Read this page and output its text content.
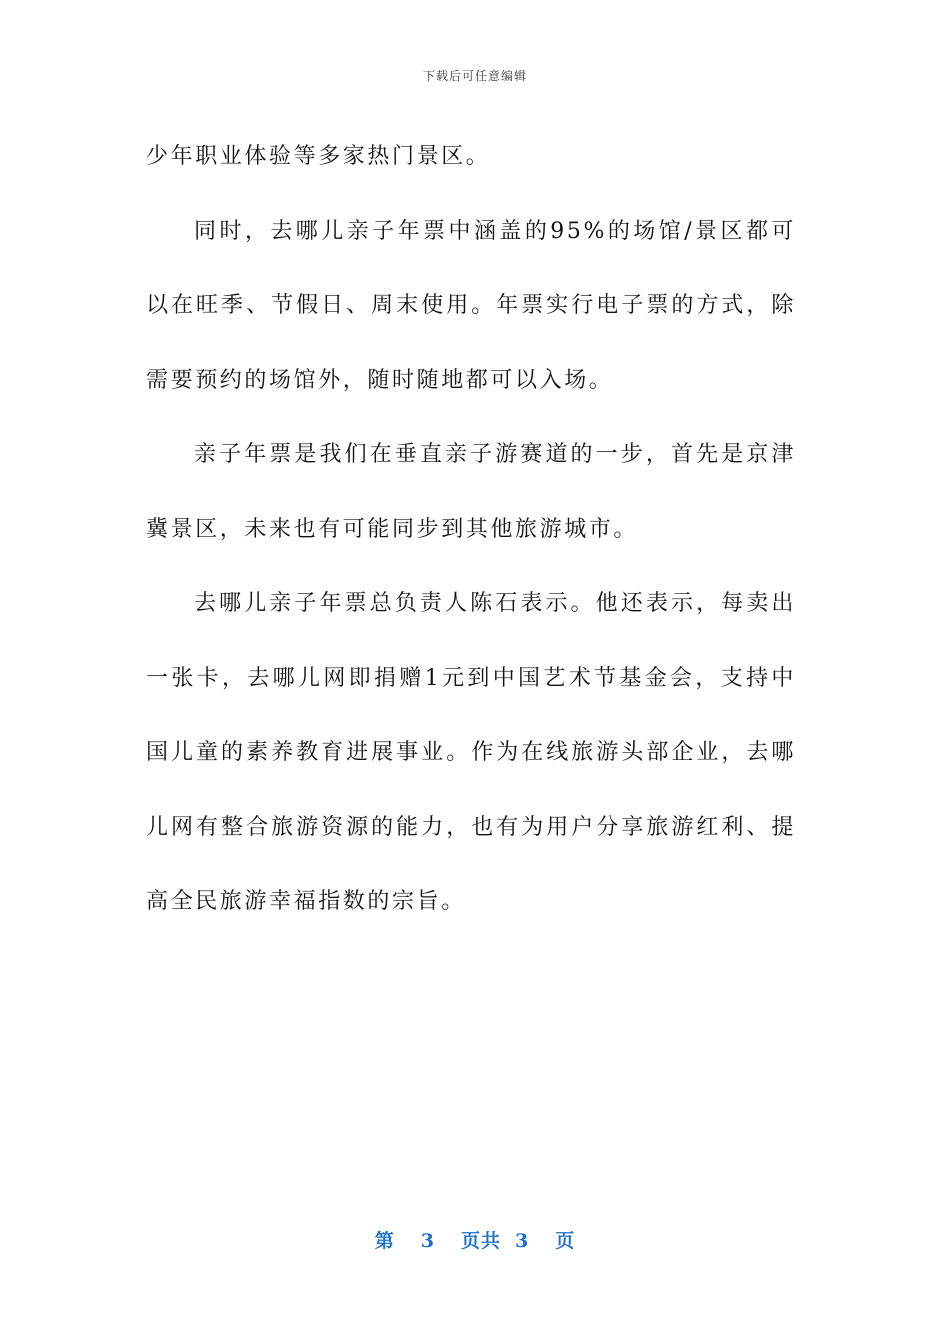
下载后可任意编辑

少年职业体验等多家热门景区。

同时，去哪儿亲子年票中涵盖的95%的场馆/景区都可以在旺季、节假日、周末使用。年票实行电子票的方式，除需要预约的场馆外，随时随地都可以入场。

亲子年票是我们在垂直亲子游赛道的一步，首先是京津冀景区，未来也有可能同步到其他旅游城市。

去哪儿亲子年票总负责人陈石表示。他还表示，每卖出一张卡，去哪儿网即捐赠1元到中国艺术节基金会，支持中国儿童的素养教育进展事业。作为在线旅游头部企业，去哪儿网有整合旅游资源的能力，也有为用户分享旅游红利、提高全民旅游幸福指数的宗旨。

第 3 页共 3 页
